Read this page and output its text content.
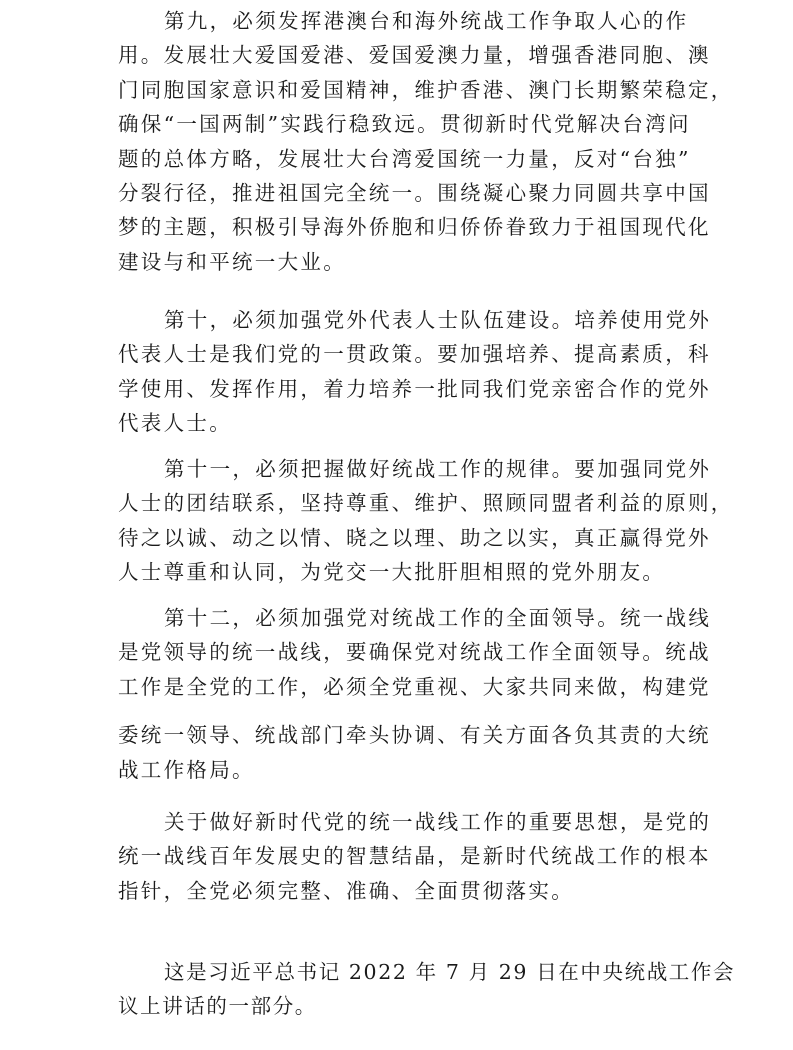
第九，必须发挥港澳台和海外统战工作争取人心的作
用。发展壮大爱国爱港、爱国爱澳力量，增强香港同胞、澳
门同胞国家意识和爱国精神，维护香港、澳门长期繁荣稳定，
确保“一国两制”实践行稳致远。贯彻新时代党解决台湾问
题的总体方略，发展壮大台湾爱国统一力量，反对“台独”
分裂行径，推进祖国完全统一。围绕凝心聚力同圆共享中国
梦的主题，积极引导海外侨胞和归侨侨眷致力于祖国现代化
建设与和平统一大业。

第十，必须加强党外代表人士队伍建设。培养使用党外
代表人士是我们党的一贯政策。要加强培养、提高素质，科
学使用、发挥作用，着力培养一批同我们党亲密合作的党外
代表人士。

第十一，必须把握做好统战工作的规律。要加强同党外
人士的团结联系，坚持尊重、维护、照顾同盟者利益的原则，
待之以诚、动之以情、晓之以理、助之以实，真正赢得党外
人士尊重和认同，为党交一大批肝胆相照的党外朋友。

第十二，必须加强党对统战工作的全面领导。统一战线
是党领导的统一战线，要确保党对统战工作全面领导。统战
工作是全党的工作，必须全党重视、大家共同来做，构建党
委统一领导、统战部门牵头协调、有关方面各负其责的大统
战工作格局。

关于做好新时代党的统一战线工作的重要思想，是党的
统一战线百年发展史的智慧结晶，是新时代统战工作的根本
指针，全党必须完整、准确、全面贯彻落实。

这是习近平总书记 2022 年 7 月 29 日在中央统战工作会
议上讲话的一部分。
